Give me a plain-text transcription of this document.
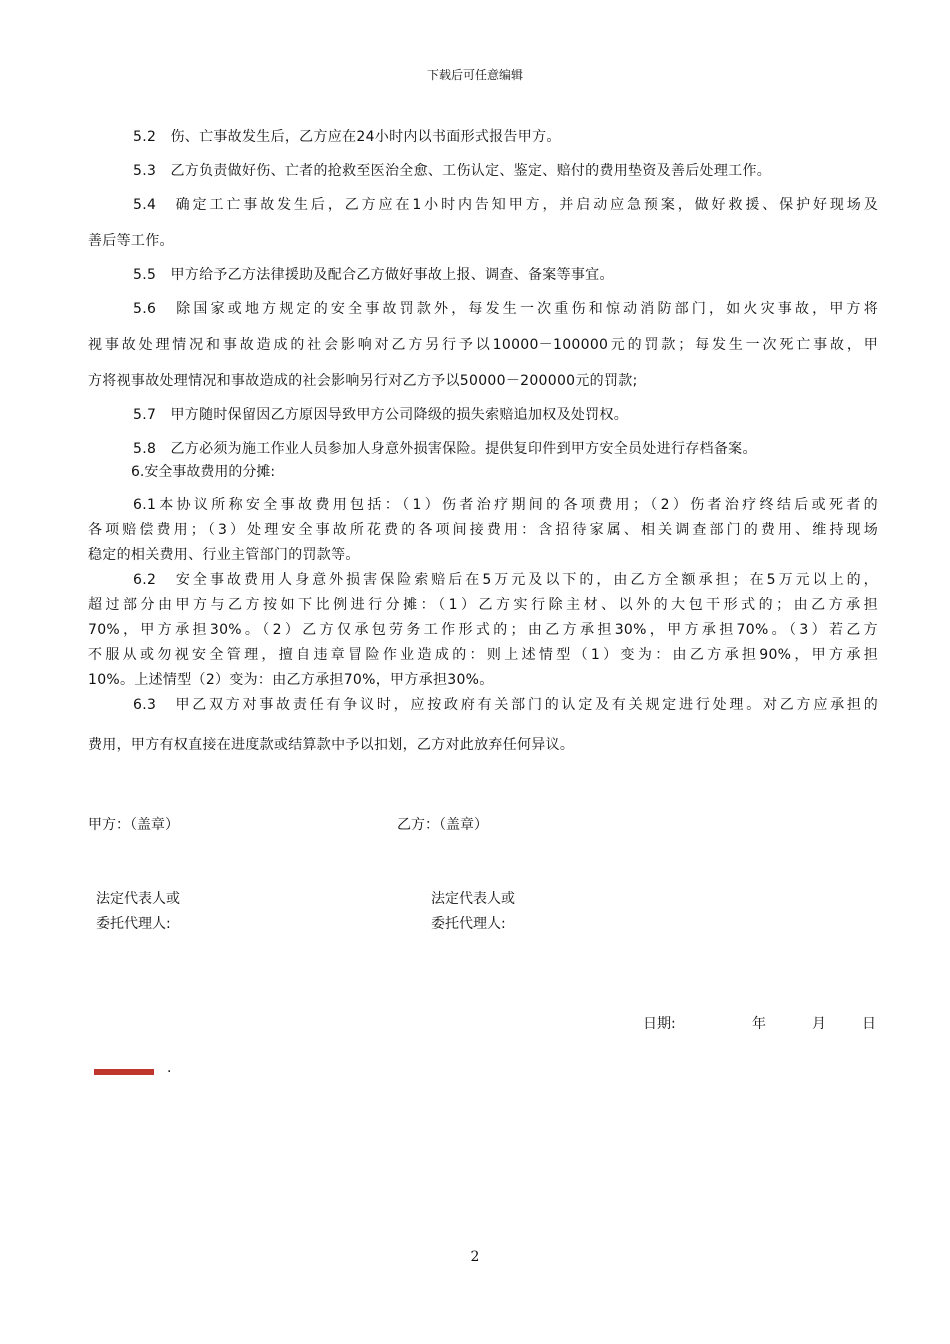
下载后可任意编辑
5.2　伤、亡事故发生后，乙方应在24小时内以书面形式报告甲方。
5.3　乙方负责做好伤、亡者的抢救至医治全愈、工伤认定、鉴定、赔付的费用垫资及善后处理工作。
5.4　确定工亡事故发生后，乙方应在1小时内告知甲方，并启动应急预案，做好救援、保护好现场及
善后等工作。
5.5　甲方给予乙方法律援助及配合乙方做好事故上报、调查、备案等事宜。
5.6　除国家或地方规定的安全事故罚款外，每发生一次重伤和惊动消防部门，如火灾事故，甲方将
视事故处理情况和事故造成的社会影响对乙方另行予以10000－100000元的罚款；每发生一次死亡事故，甲
方将视事故处理情况和事故造成的社会影响另行对乙方予以50000－200000元的罚款;
5.7　甲方随时保留因乙方原因导致甲方公司降级的损失索赔追加权及处罚权。
5.8　乙方必须为施工作业人员参加人身意外损害保险。提供复印件到甲方安全员处进行存档备案。
6.安全事故费用的分摊:
6.1本协议所称安全事故费用包括：（1）伤者治疗期间的各项费用；（2）伤者治疗终结后或死者的
各项赔偿费用；（3）处理安全事故所花费的各项间接费用：含招待家属、相关调查部门的费用、维持现场
稳定的相关费用、行业主管部门的罚款等。
6.2　安全事故费用人身意外损害保险索赔后在5万元及以下的，由乙方全额承担；在5万元以上的，
超过部分由甲方与乙方按如下比例进行分摊：（1）乙方实行除主材、以外的大包干形式的；由乙方承担
70%，甲方承担30%。（2）乙方仅承包劳务工作形式的；由乙方承担30%，甲方承担70%。（3）若乙方
不服从或勿视安全管理，擅自违章冒险作业造成的：则上述情型（1）变为：由乙方承担90%，甲方承担
10%。上述情型（2）变为：由乙方承担70%，甲方承担30%。
6.3　甲乙双方对事故责任有争议时，应按政府有关部门的认定及有关规定进行处理。对乙方应承担的
费用，甲方有权直接在进度款或结算款中予以扣划，乙方对此放弃任何异议。
甲方：（盖章）	乙方：（盖章）
法定代表人或
委托代理人:
法定代表人或
委托代理人:
日期:	年	月	日
.
2
